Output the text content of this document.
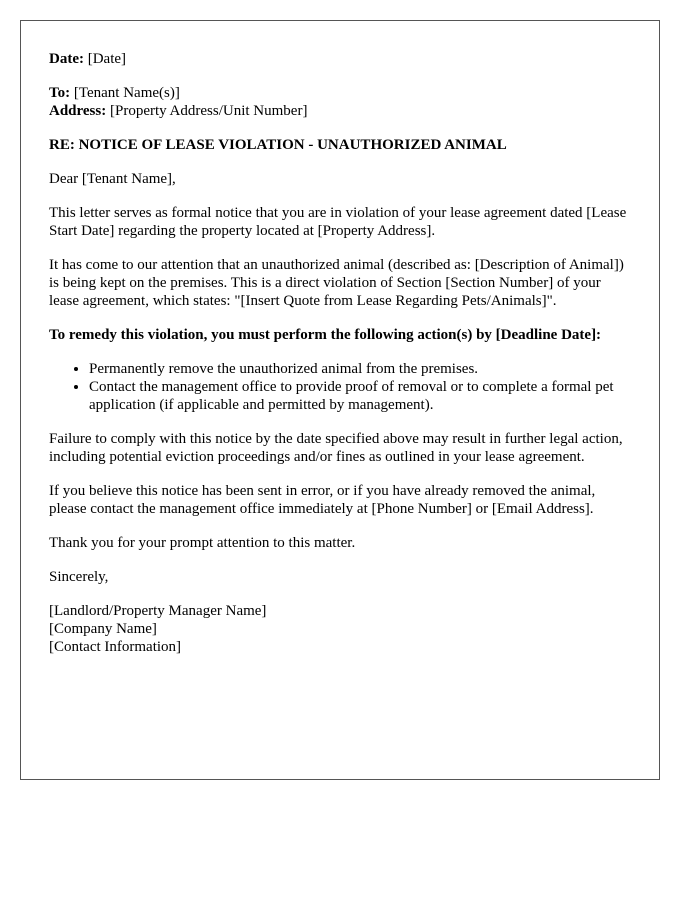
Date: [Date]

To: [Tenant Name(s)]
Address: [Property Address/Unit Number]

RE: NOTICE OF LEASE VIOLATION - UNAUTHORIZED ANIMAL

Dear [Tenant Name],

This letter serves as formal notice that you are in violation of your lease agreement dated [Lease Start Date] regarding the property located at [Property Address].

It has come to our attention that an unauthorized animal (described as: [Description of Animal]) is being kept on the premises. This is a direct violation of Section [Section Number] of your lease agreement, which states: "[Insert Quote from Lease Regarding Pets/Animals]".

To remedy this violation, you must perform the following action(s) by [Deadline Date]:

• Permanently remove the unauthorized animal from the premises.
• Contact the management office to provide proof of removal or to complete a formal pet application (if applicable and permitted by management).

Failure to comply with this notice by the date specified above may result in further legal action, including potential eviction proceedings and/or fines as outlined in your lease agreement.

If you believe this notice has been sent in error, or if you have already removed the animal, please contact the management office immediately at [Phone Number] or [Email Address].

Thank you for your prompt attention to this matter.

Sincerely,

[Landlord/Property Manager Name]
[Company Name]
[Contact Information]
